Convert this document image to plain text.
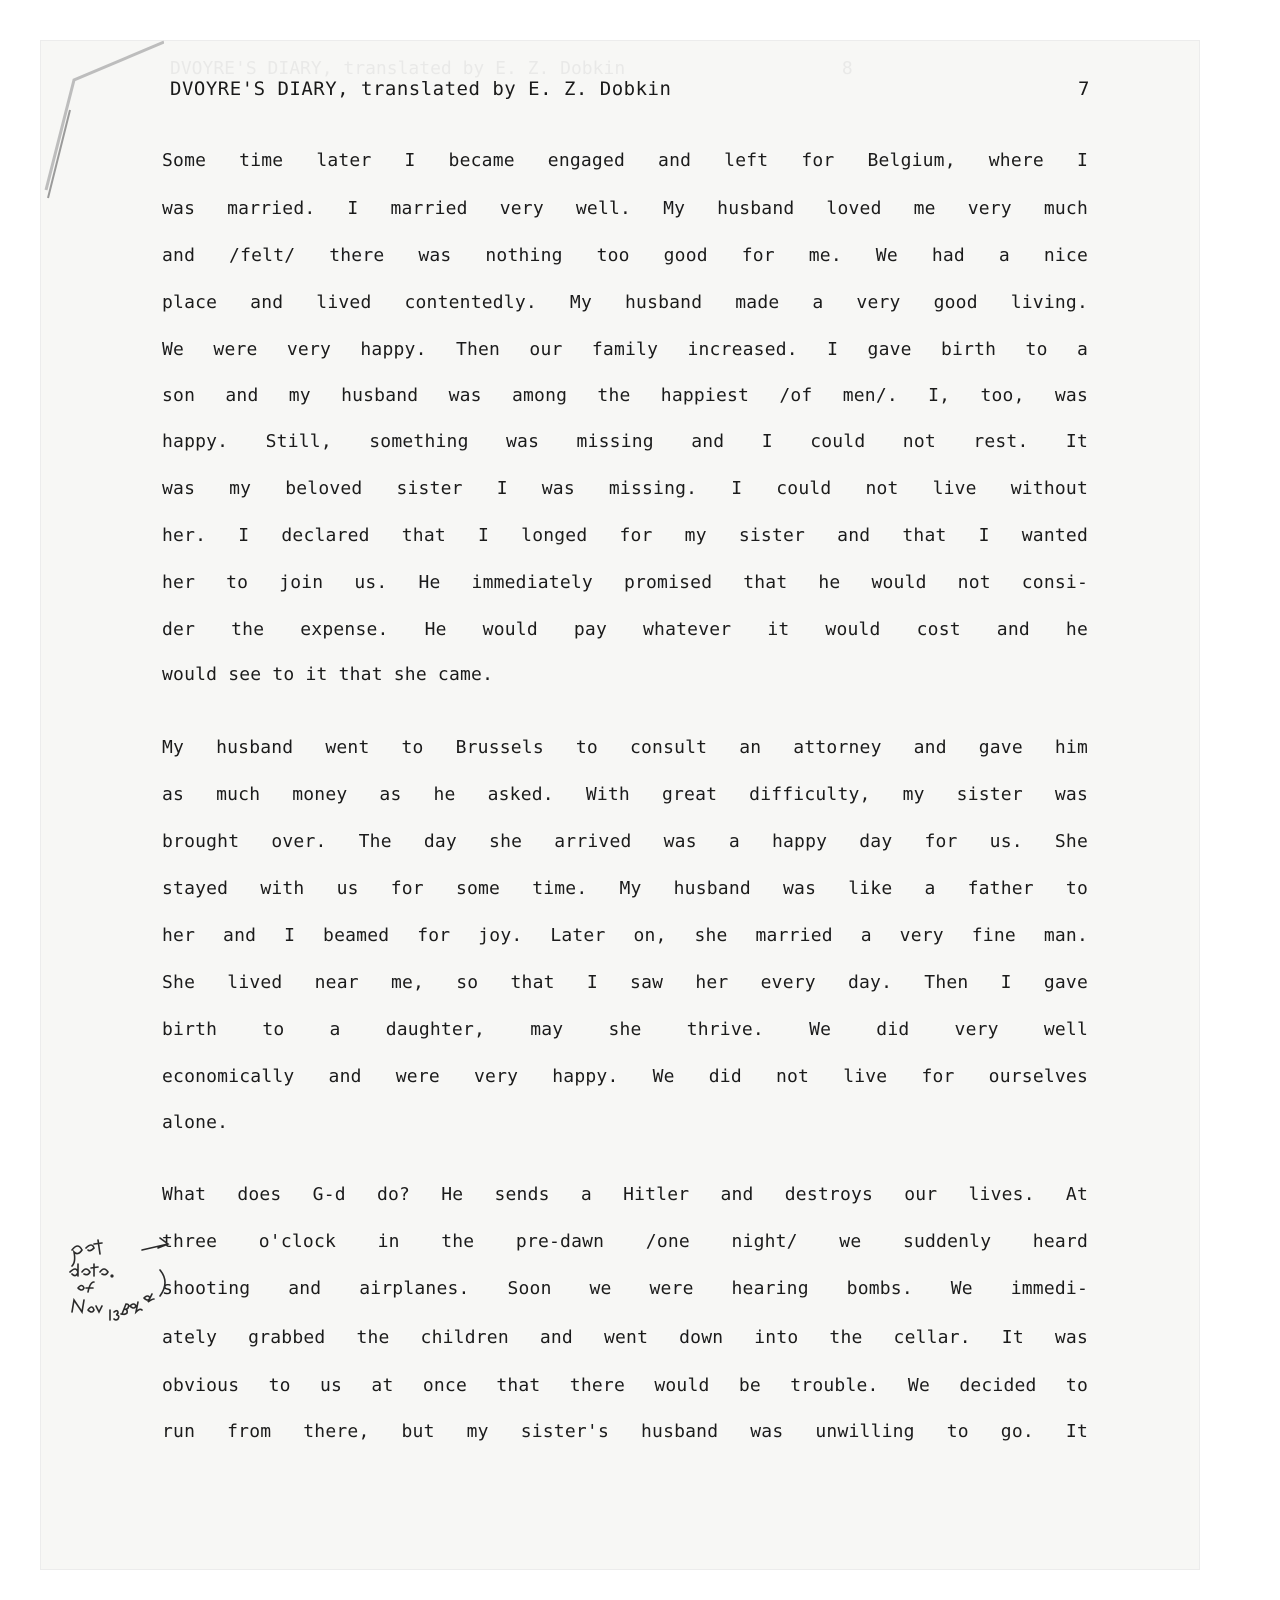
DVOYRE'S DIARY, translated by E. Z. Dobkin	7
Some time later I became engaged and left for Belgium, where I
was married. I married very well. My husband loved me very much
and /felt/ there was nothing too good for me. We had a nice
place and lived contentedly. My husband made a very good living.
We were very happy. Then our family increased. I gave birth to a
son and my husband was among the happiest /of men/. I, too, was
happy. Still, something was missing and I could not rest. It
was my beloved sister I was missing. I could not live without
her. I declared that I longed for my sister and that I wanted
her to join us. He immediately promised that he would not consi-
der the expense. He would pay whatever it would cost and he
would see to it that she came.
My husband went to Brussels to consult an attorney and gave him
as much money as he asked. With great difficulty, my sister was
brought over. The day she arrived was a happy day for us. She
stayed with us for some time. My husband was like a father to
her and I beamed for joy. Later on, she married a very fine man.
She lived near me, so that I saw her every day. Then I gave
birth to a daughter, may she thrive. We did very well
economically and were very happy. We did not live for ourselves
alone.
What does G-d do? He sends a Hitler and destroys our lives. At
three o'clock in the pre-dawn /one night/ we suddenly heard
shooting and airplanes. Soon we were hearing bombs. We immedi-
ately grabbed the children and went down into the cellar. It was
obvious to us at once that there would be trouble. We decided to
run from there, but my sister's husband was unwilling to go. It
